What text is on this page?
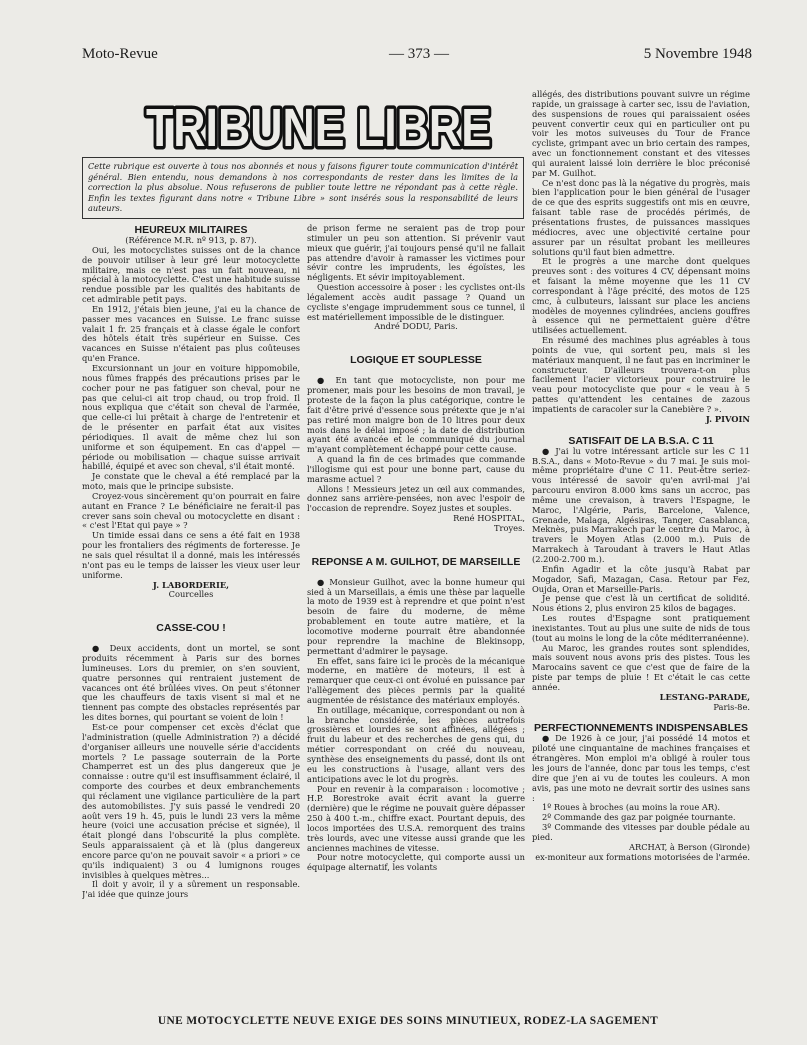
Moto-Revue	— 373 —	5 Novembre 1948
TRIBUNE LIBRE
TRIBUNE LIBRE
Cette rubrique est ouverte à tous nos abonnés et nous y faisons figurer toute communication d'intérêt général. Bien entendu, nous demandons à nos correspondants de rester dans les limites de la correction la plus absolue. Nous refuserons de publier toute lettre ne répondant pas à cette règle. Enfin les textes figurant dans notre « Tribune Libre » sont insérés sous la responsabilité de leurs auteurs.
HEUREUX MILITAIRES

(Référence M.R. nº 913, p. 87).

Oui, les motocyclistes suisses ont de la chance de pouvoir utiliser à leur gré leur motocyclette militaire, mais ce n'est pas un fait nouveau, ni spécial à la motocyclette. C'est une habitude suisse rendue possible par les qualités des habitants de cet admirable petit pays.

En 1912, j'étais bien jeune, j'ai eu la chance de passer mes vacances en Suisse. Le franc suisse valait 1 fr. 25 français et à classe égale le confort des hôtels était très supérieur en Suisse. Ces vacances en Suisse n'étaient pas plus coûteuses qu'en France.

Excursionnant un jour en voiture hippomobile, nous fûmes frappés des précautions prises par le cocher pour ne pas fatiguer son cheval, pour ne pas que celui-ci ait trop chaud, ou trop froid. Il nous expliqua que c'était son cheval de l'armée, que celle-ci lui prêtait à charge de l'entretenir et de le présenter en parfait état aux visites périodiques. Il avait de même chez lui son uniforme et son équipement. En cas d'appel — période ou mobilisation — chaque suisse arrivait habillé, équipé et avec son cheval, s'il était monté.

Je constate que le cheval a été remplacé par la moto, mais que le principe subsiste.

Croyez-vous sincèrement qu'on pourrait en faire autant en France ? Le bénéficiaire ne ferait-il pas crever sans soin cheval ou motocyclette en disant : « c'est l'Etat qui paye » ?

Un timide essai dans ce sens a été fait en 1938 pour les frontaliers des régiments de forteresse. Je ne sais quel résultat il a donné, mais les intéressés n'ont pas eu le temps de laisser les vieux user leur uniforme.

J. LABORDERIE,

Courcelles

CASSE-COU !

● Deux accidents, dont un mortel, se sont produits récemment à Paris sur des bornes lumineuses. Lors du premier, on s'en souvient, quatre personnes qui rentraient justement de vacances ont été brûlées vives. On peut s'étonner que les chauffeurs de taxis visent si mal et ne tiennent pas compte des obstacles représentés par les dites bornes, qui pourtant se voient de loin !

Est-ce pour compenser cet excès d'éclat que l'administration (quelle Administration ?) a décidé d'organiser ailleurs une nouvelle série d'accidents mortels ? Le passage souterrain de la Porte Champerret est un des plus dangereux que je connaisse : outre qu'il est insuffisamment éclairé, il comporte des courbes et deux embranchements qui réclament une vigilance particulière de la part des automobilistes. J'y suis passé le vendredi 20 août vers 19 h. 45, puis le lundi 23 vers la même heure (voici une accusation précise et signée), il était plongé dans l'obscurité la plus complète. Seuls apparaissaient çà et là (plus dangereux encore parce qu'on ne pouvait savoir « a priori » ce qu'ils indiquaient) 3 ou 4 lumignons rouges invisibles à quelques mètres...

Il doit y avoir, il y a sûrement un responsable. J'ai idée que quinze jours

de prison ferme ne seraient pas de trop pour stimuler un peu son attention. Si prévenir vaut mieux que guérir, j'ai toujours pensé qu'il ne fallait pas attendre d'avoir à ramasser les victimes pour sévir contre les imprudents, les égoïstes, les négligents. Et sévir impitoyablement.

Question accessoire à poser : les cyclistes ont-ils légalement accès audit passage ? Quand un cycliste s'engage imprudemment sous ce tunnel, il est matériellement impossible de le distinguer.

André DODU, Paris.

LOGIQUE ET SOUPLESSE

● En tant que motocycliste, non pour me promener, mais pour les besoins de mon travail, je proteste de la façon la plus catégorique, contre le fait d'être privé d'essence sous prétexte que je n'ai pas retiré mon maigre bon de 10 litres pour deux mois dans le délai imposé ; la date de distribution ayant été avancée et le communiqué du journal m'ayant complètement échappé pour cette cause.

A quand la fin de ces brimades que commande l'illogisme qui est pour une bonne part, cause du marasme actuel ?

Allons ! Messieurs jetez un œil aux commandes, donnez sans arrière-pensées, non avec l'espoir de l'occasion de reprendre. Soyez justes et souples.

René HOSPITAL,

Troyes.

REPONSE A M. GUILHOT, DE MARSEILLE

● Monsieur Guilhot, avec la bonne humeur qui sied à un Marseillais, a émis une thèse par laquelle la moto de 1939 est à reprendre et que point n'est besoin de faire du moderne, de même probablement en toute autre matière, et la locomotive moderne pourrait être abandonnée pour reprendre la machine de Blekinsopp, permettant d'admirer le paysage.

En effet, sans faire ici le procès de la mécanique moderne, en matière de moteurs, il est à remarquer que ceux-ci ont évolué en puissance par l'allègement des pièces permis par la qualité augmentée de résistance des matériaux employés.

En outillage, mécanique, correspondant ou non à la branche considérée, les pièces autrefois grossières et lourdes se sont affinées, allégées ; fruit du labeur et des recherches de gens qui, du métier correspondant on créé du nouveau, synthèse des enseignements du passé, dont ils ont eu les constructions à l'usage, allant vers des anticipations avec le lot du progrès.

Pour en revenir à la comparaison : locomotive ; H.P. Borestroke avait écrit avant la guerre (dernière) que le régime ne pouvait guère dépasser 250 à 400 t.-m., chiffre exact. Pourtant depuis, des locos importées des U.S.A. remorquent des trains très lourds, avec une vitesse aussi grande que les anciennes machines de vitesse.

Pour notre motocyclette, qui comporte aussi un équipage alternatif, les volants

allégés, des distributions pouvant suivre un régime rapide, un graissage à carter sec, issu de l'aviation, des suspensions de roues qui paraissaient osées peuvent convertir ceux qui en particulier ont pu voir les motos suiveuses du Tour de France cycliste, grimpant avec un brio certain des rampes, avec un fonctionnement constant et des vitesses qui auraient laissé loin derrière le bloc préconisé par M. Guilhot.

Ce n'est donc pas là la négative du progrès, mais bien l'application pour le bien général de l'usager de ce que des esprits suggestifs ont mis en œuvre, faisant table rase de procédés périmés, de présentations frustes, de puissances massiques médiocres, avec une objectivité certaine pour assurer par un résultat probant les meilleures solutions qu'il faut bien admettre.

Et le progrès a une marche dont quelques preuves sont : des voitures 4 CV, dépensant moins et faisant la même moyenne que les 11 CV correspondant à l'âge précité, des motos de 125 cmc, à culbuteurs, laissant sur place les anciens modèles de moyennes cylindrées, anciens gouffres à essence qui ne permettaient guère d'être utilisées actuellement.

En résumé des machines plus agréables à tous points de vue, qui sortent peu, mais si les matériaux manquent, il ne faut pas en incriminer le constructeur. D'ailleurs trouvera-t-on plus facilement l'acier victorieux pour construire le veau pour motocycliste que pour « le veau à 5 pattes qu'attendent les centaines de zazous impatients de caracoler sur la Canebière ? ».

J. PIVOIN

SATISFAIT DE LA B.S.A. C 11

● J'ai lu votre intéressant article sur les C 11 B.S.A., dans « Moto-Revue » du 7 mai. Je suis moi-même propriétaire d'une C 11. Peut-être seriez-vous intéressé de savoir qu'en avril-mai j'ai parcouru environ 8.000 kms sans un accroc, pas même une crevaison, à travers l'Espagne, le Maroc, l'Algérie, Paris, Barcelone, Valence, Grenade, Malaga, Algésiras, Tanger, Casablanca, Meknès, puis Marrakech par le centre du Maroc, à travers le Moyen Atlas (2.000 m.). Puis de Marrakech à Taroudant à travers le Haut Atlas (2.200-2.700 m.).

Enfin Agadir et la côte jusqu'à Rabat par Mogador, Safi, Mazagan, Casa. Retour par Fez, Oujda, Oran et Marseille-Paris.

Je pense que c'est là un certificat de solidité. Nous étions 2, plus environ 25 kilos de bagages.

Les routes d'Espagne sont pratiquement inexistantes. Tout au plus une suite de nids de tous (tout au moins le long de la côte méditerranéenne).

Au Maroc, les grandes routes sont splendides, mais souvent nous avons pris des pistes. Tous les Marocains savent ce que c'est que de faire de la piste par temps de pluie ! Et c'était le cas cette année.

LESTANG-PARADE,

Paris-8e.

PERFECTIONNEMENTS INDISPENSABLES

● De 1926 à ce jour, j'ai possédé 14 motos et piloté une cinquantaine de machines françaises et étrangères. Mon emploi m'a obligé à rouler tous les jours de l'année, donc par tous les temps, c'est dire que j'en ai vu de toutes les couleurs. A mon avis, pas une moto ne devrait sortir des usines sans :

1º Roues à broches (au moins la roue AR).

2º Commande des gaz par poignée tournante.

3º Commande des vitesses par double pédale au pied.

ARCHAT, à Berson (Gironde)

ex-moniteur aux formations motorisées de l'armée.

UNE MOTOCYCLETTE NEUVE EXIGE DES SOINS MINUTIEUX, RODEZ-LA SAGEMENT
